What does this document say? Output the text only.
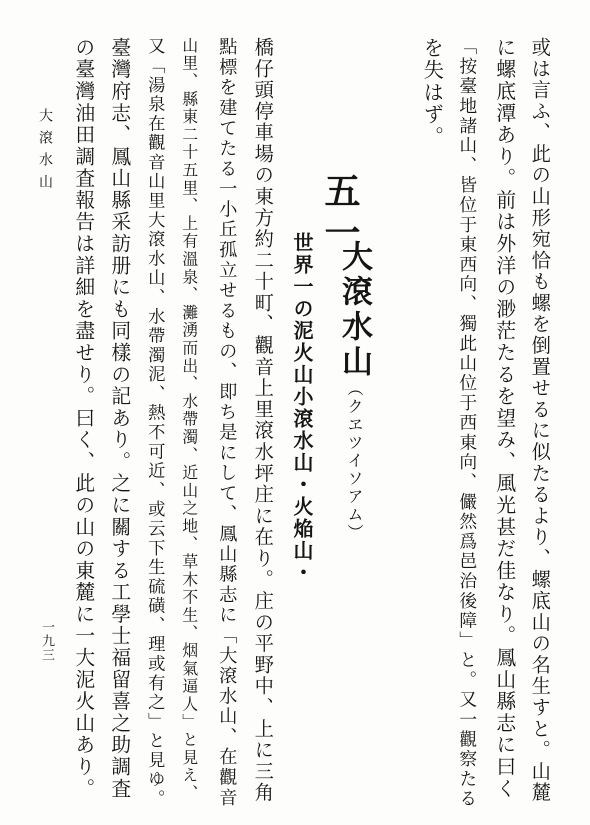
或は言ふ、此の山形宛恰も螺を倒置せるに似たるより、螺底山の名生すと。山麓
に螺底潭あり。前は外洋の渺茫たるを望み、風光甚だ佳なり。鳳山縣志に曰く
「按臺地諸山、皆位于東西向、獨此山位于西東向、儼然爲邑治後障」と。又一觀察たる
を失はず。
五一
大滾水山（クヱツイソアム）
世界一の泥火山小滾水山・火焔山・
橋仔頭停車場の東方約二十町、觀音上里滾水坪庄に在り。庄の平野中、上に三角
點標を建てたる一小丘孤立せるもの、即ち是にして、鳳山縣志に「大滾水山、在觀音
山里、縣東二十五里、上有溫泉、灘湧而出、水帶濁、近山之地、草木不生、烟氣逼人」と見え、
又「湯泉在觀音山里大滾水山、水帶濁泥、熱不可近、或云下生硫磺、理或有之」と見ゆ。
臺灣府志、鳳山縣采訪册にも同樣の記あり。之に關する工學士福留喜之助調査
の臺灣油田調査報告は詳細を盡せり。曰く、此の山の東麓に一大泥火山あり。
大滾水山
一九三
